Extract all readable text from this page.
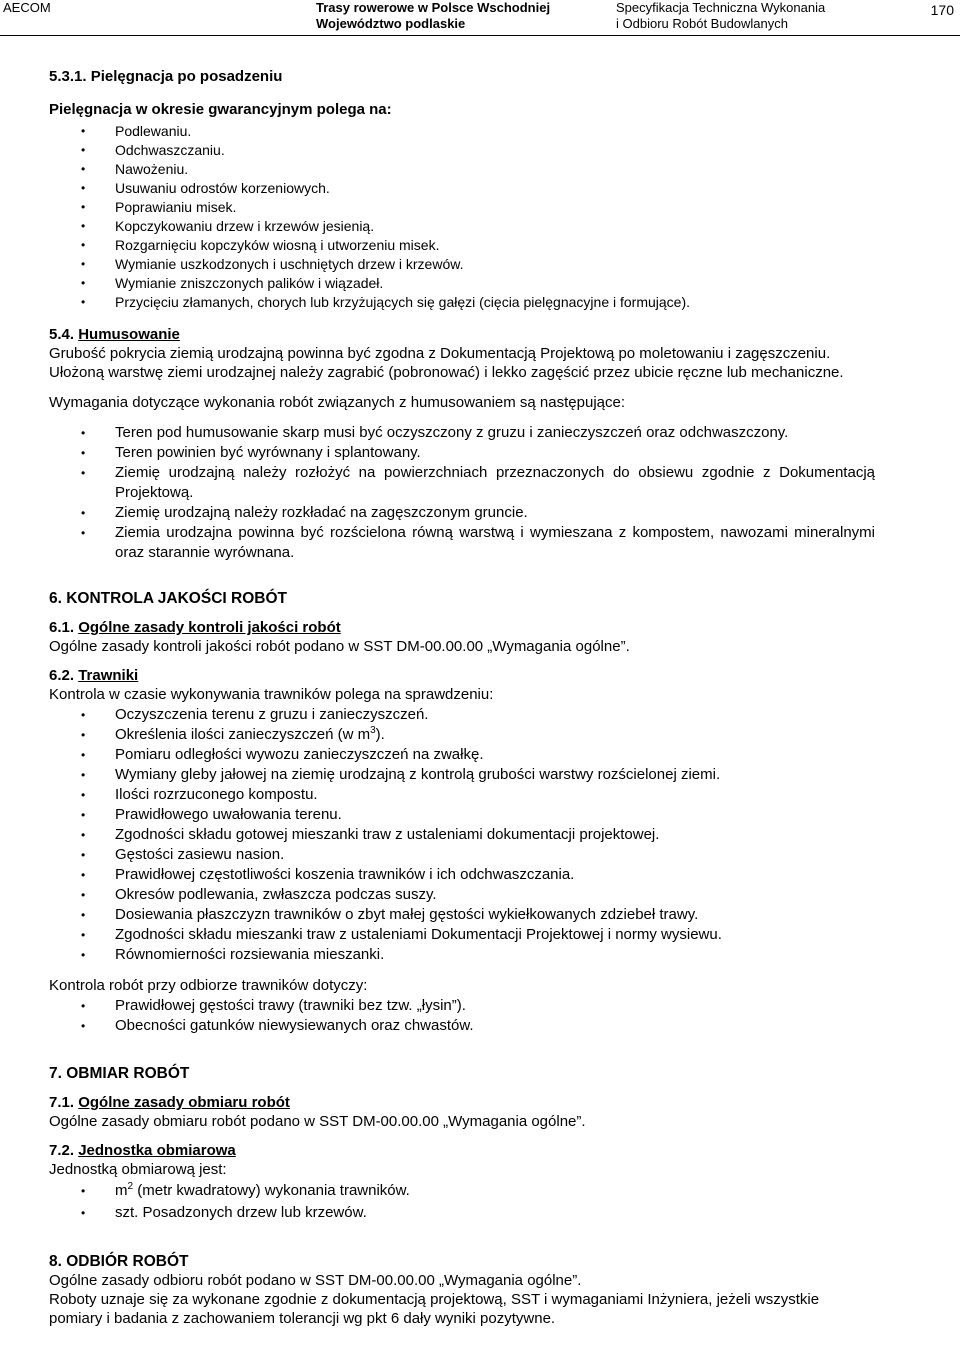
AECOM	Trasy rowerowe w Polsce Wschodniej
Województwo podlaskie
Specyfikacja Techniczna Wykonania
i Odbioru Robót Budowlanych
170

5.3.1. Pielęgnacja po posadzeniu

Pielęgnacja w okresie gwarancyjnym polega na:

• Podlewaniu.
• Odchwaszczaniu.
• Nawożeniu.
• Usuwaniu odrostów korzeniowych.
• Poprawianiu misek.
• Kopczykowaniu drzew i krzewów jesienią.
• Rozgarnięciu kopczyków wiosną i utworzeniu misek.
• Wymianie uszkodzonych i uschniętych drzew i krzewów.
• Wymianie zniszczonych palików i wiązadeł.
• Przycięciu złamanych, chorych lub krzyżujących się gałęzi (cięcia pielęgnacyjne i formujące).

5.4. Humusowanie

Grubość pokrycia ziemią urodzajną powinna być zgodna z Dokumentacją Projektową po moletowaniu i zagęszczeniu. Ułożoną warstwę ziemi urodzajnej należy zagrabić (pobronować) i lekko zagęścić przez ubicie ręczne lub mechaniczne.

Wymagania dotyczące wykonania robót związanych z humusowaniem są następujące:

• Teren pod humusowanie skarp musi być oczyszczony z gruzu i zanieczyszczeń oraz odchwaszczony.
• Teren powinien być wyrównany i splantowany.
• Ziemię urodzajną należy rozłożyć na powierzchniach przeznaczonych do obsiewu zgodnie z Dokumentacją Projektową.
• Ziemię urodzajną należy rozkładać na zagęszczonym gruncie.
• Ziemia urodzajna powinna być rozścielona równą warstwą i wymieszana z kompostem, nawozami mineralnymi oraz starannie wyrównana.

6. KONTROLA JAKOŚCI ROBÓT

6.1. Ogólne zasady kontroli jakości robót

Ogólne zasady kontroli jakości robót podano w SST DM-00.00.00 „Wymagania ogólne”.

6.2. Trawniki

Kontrola w czasie wykonywania trawników polega na sprawdzeniu:

• Oczyszczenia terenu z gruzu i zanieczyszczeń.
• Określenia ilości zanieczyszczeń (w $m^3$).
• Pomiaru odległości wywozu zanieczyszczeń na zwałkę.
• Wymiany gleby jałowej na ziemię urodzajną z kontrolą grubości warstwy rozścielonej ziemi.
• Ilości rozrzuconego kompostu.
• Prawidłowego uwałowania terenu.
• Zgodności składu gotowej mieszanki traw z ustaleniami dokumentacji projektowej.
• Gęstości zasiewu nasion.
• Prawidłowej częstotliwości koszenia trawników i ich odchwaszczania.
• Okresów podlewania, zwłaszcza podczas suszy.
• Dosiewania płaszczyzn trawników o zbyt małej gęstości wykiełkowanych zdziebeł trawy.
• Zgodności składu mieszanki traw z ustaleniami Dokumentacji Projektowej i normy wysiewu.
• Równomierności rozsiewania mieszanki.

Kontrola robót przy odbiorze trawników dotyczy:

• Prawidłowej gęstości trawy (trawniki bez tzw. „łysin”).
• Obecności gatunków niewysiewanych oraz chwastów.

7. OBMIAR ROBÓT

7.1. Ogólne zasady obmiaru robót

Ogólne zasady obmiaru robót podano w SST DM-00.00.00 „Wymagania ogólne”.

7.2. Jednostka obmiarowa

Jednostką obmiarową jest:

• $m^2$ (metr kwadratowy) wykonania trawników.
• szt. Posadzonych drzew lub krzewów.

8. ODBIÓR ROBÓT

Ogólne zasady odbioru robót podano w SST DM-00.00.00 „Wymagania ogólne”.

Roboty uznaje się za wykonane zgodnie z dokumentacją projektową, SST i wymaganiami Inżyniera, jeżeli wszystkie pomiary i badania z zachowaniem tolerancji wg pkt 6 dały wyniki pozytywne.
